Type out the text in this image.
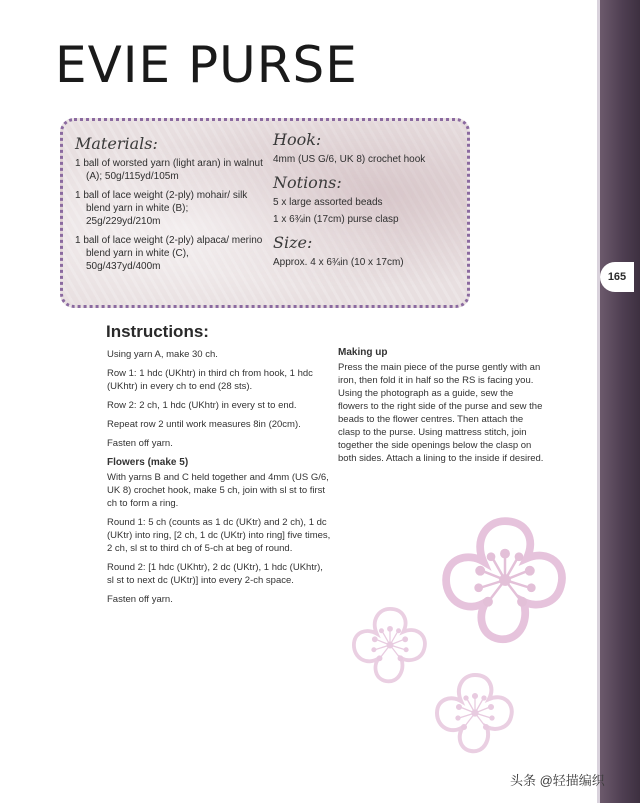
165
EVIE PURSE
Materials:
1 ball of worsted yarn (light aran) in walnut (A); 50g/115yd/105m
1 ball of lace weight (2-ply) mohair/ silk blend yarn in white (B); 25g/229yd/210m
1 ball of lace weight (2-ply) alpaca/ merino blend yarn in white (C), 50g/437yd/400m
Hook:
4mm (US G/6, UK 8) crochet hook
Notions:
5 x large assorted beads
1 x 6¾in (17cm) purse clasp
Size:
Approx. 4 x 6¾in (10 x 17cm)
Instructions:

Using yarn A, make 30 ch.

Row 1: 1 hdc (UKhtr) in third ch from hook, 1 hdc (UKhtr) in every ch to end (28 sts).

Row 2: 2 ch, 1 hdc (UKhtr) in every st to end.

Repeat row 2 until work measures 8in (20cm).

Fasten off yarn.

Flowers (make 5)

With yarns B and C held together and 4mm (US G/6, UK 8) crochet hook, make 5 ch, join with sl st to first ch to form a ring.

Round 1: 5 ch (counts as 1 dc (UKtr) and 2 ch), 1 dc (UKtr) into ring, [2 ch, 1 dc (UKtr) into ring] five times, 2 ch, sl st to third ch of 5-ch at beg of round.

Round 2: [1 hdc (UKhtr), 2 dc (UKtr), 1 hdc (UKhtr), sl st to next dc (UKtr)] into every 2-ch space.

Fasten off yarn.

Making up

Press the main piece of the purse gently with an iron, then fold it in half so the RS is facing you. Using the photograph as a guide, sew the flowers to the right side of the purse and sew the beads to the flower centres. Then attach the clasp to the purse. Using mattress stitch, join together the side openings below the clasp on both sides. Attach a lining to the inside if desired.

头条 @轻描编织
